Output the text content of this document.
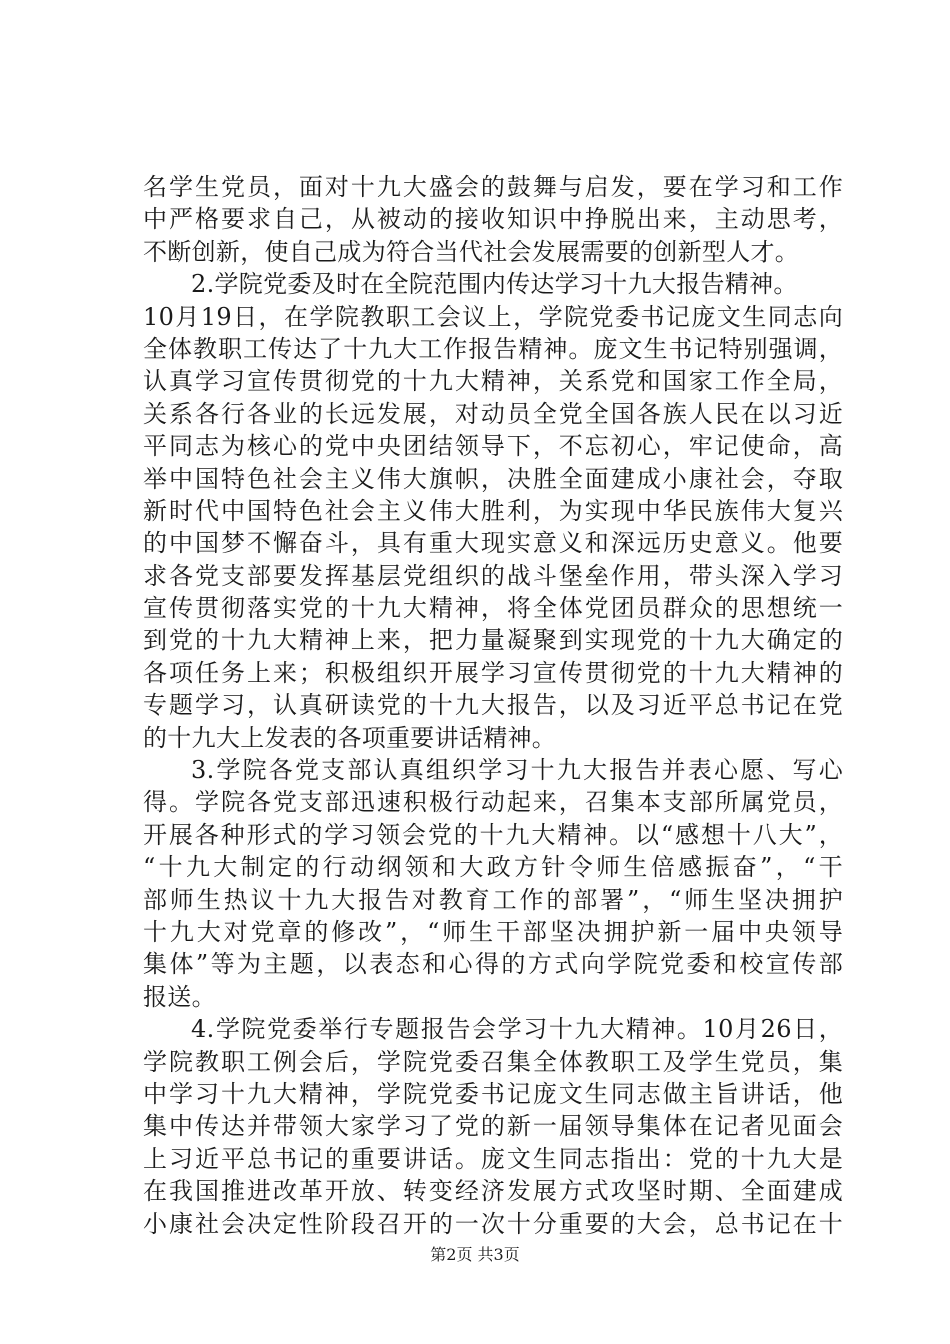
名学生党员，面对十九大盛会的鼓舞与启发，要在学习和工作
中严格要求自己，从被动的接收知识中挣脱出来，主动思考，
不断创新，使自己成为符合当代社会发展需要的创新型人才。
2.学院党委及时在全院范围内传达学习十九大报告精神。
10月19日，在学院教职工会议上，学院党委书记庞文生同志向
全体教职工传达了十九大工作报告精神。庞文生书记特别强调，
认真学习宣传贯彻党的十九大精神，关系党和国家工作全局，
关系各行各业的长远发展，对动员全党全国各族人民在以习近
平同志为核心的党中央团结领导下，不忘初心，牢记使命，高
举中国特色社会主义伟大旗帜，决胜全面建成小康社会，夺取
新时代中国特色社会主义伟大胜利，为实现中华民族伟大复兴
的中国梦不懈奋斗，具有重大现实意义和深远历史意义。他要
求各党支部要发挥基层党组织的战斗堡垒作用，带头深入学习
宣传贯彻落实党的十九大精神，将全体党团员群众的思想统一
到党的十九大精神上来，把力量凝聚到实现党的十九大确定的
各项任务上来；积极组织开展学习宣传贯彻党的十九大精神的
专题学习，认真研读党的十九大报告，以及习近平总书记在党
的十九大上发表的各项重要讲话精神。
3.学院各党支部认真组织学习十九大报告并表心愿、写心
得。学院各党支部迅速积极行动起来，召集本支部所属党员，
开展各种形式的学习领会党的十九大精神。以“感想十八大”，
“十九大制定的行动纲领和大政方针令师生倍感振奋”，“干
部师生热议十九大报告对教育工作的部署”，“师生坚决拥护
十九大对党章的修改”，“师生干部坚决拥护新一届中央领导
集体”等为主题，以表态和心得的方式向学院党委和校宣传部
报送。
4.学院党委举行专题报告会学习十九大精神。10月26日，
学院教职工例会后，学院党委召集全体教职工及学生党员，集
中学习十九大精神，学院党委书记庞文生同志做主旨讲话，他
集中传达并带领大家学习了党的新一届领导集体在记者见面会
上习近平总书记的重要讲话。庞文生同志指出：党的十九大是
在我国推进改革开放、转变经济发展方式攻坚时期、全面建成
小康社会决定性阶段召开的一次十分重要的大会，总书记在十
第2页 共3页
